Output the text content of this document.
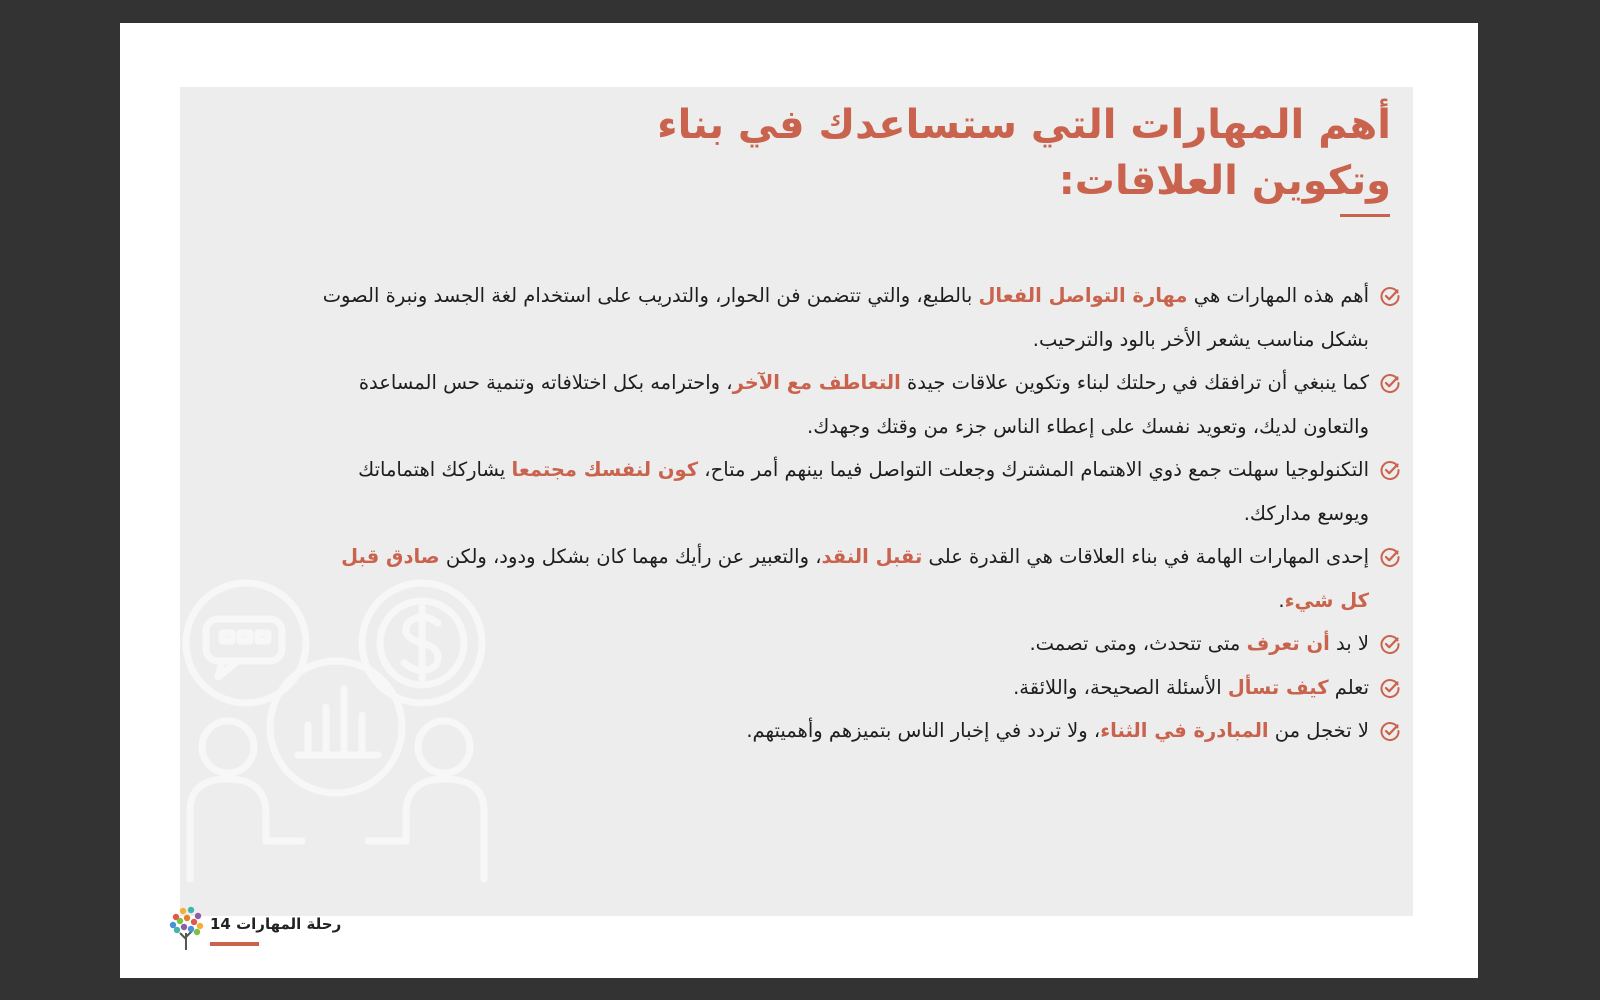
أهم المهارات التي ستساعدك في بناء
وتكوين العلاقات:
أهم هذه المهارات هي مهارة التواصل الفعال بالطبع، والتي تتضمن فن الحوار، والتدريب على استخدام لغة الجسد ونبرة الصوت بشكل مناسب يشعر الأخر بالود والترحيب.
كما ينبغي أن ترافقك في رحلتك لبناء وتكوين علاقات جيدة التعاطف مع الآخر، واحترامه بكل اختلافاته وتنمية حس المساعدة والتعاون لديك، وتعويد نفسك على إعطاء الناس جزء من وقتك وجهدك.
التكنولوجيا سهلت جمع ذوي الاهتمام المشترك وجعلت التواصل فيما بينهم أمر متاح، كون لنفسك مجتمعا يشاركك اهتماماتك ويوسع مداركك.
إحدى المهارات الهامة في بناء العلاقات هي القدرة على تقبل النقد، والتعبير عن رأيك مهما كان بشكل ودود، ولكن صادق قبل كل شيء.
لا بد أن تعرف متى تتحدث، ومتى تصمت.
تعلم كيف تسأل الأسئلة الصحيحة، واللائقة.
لا تخجل من المبادرة في الثناء، ولا تردد في إخبار الناس بتميزهم وأهميتهم.
رحلة المهارات 14
